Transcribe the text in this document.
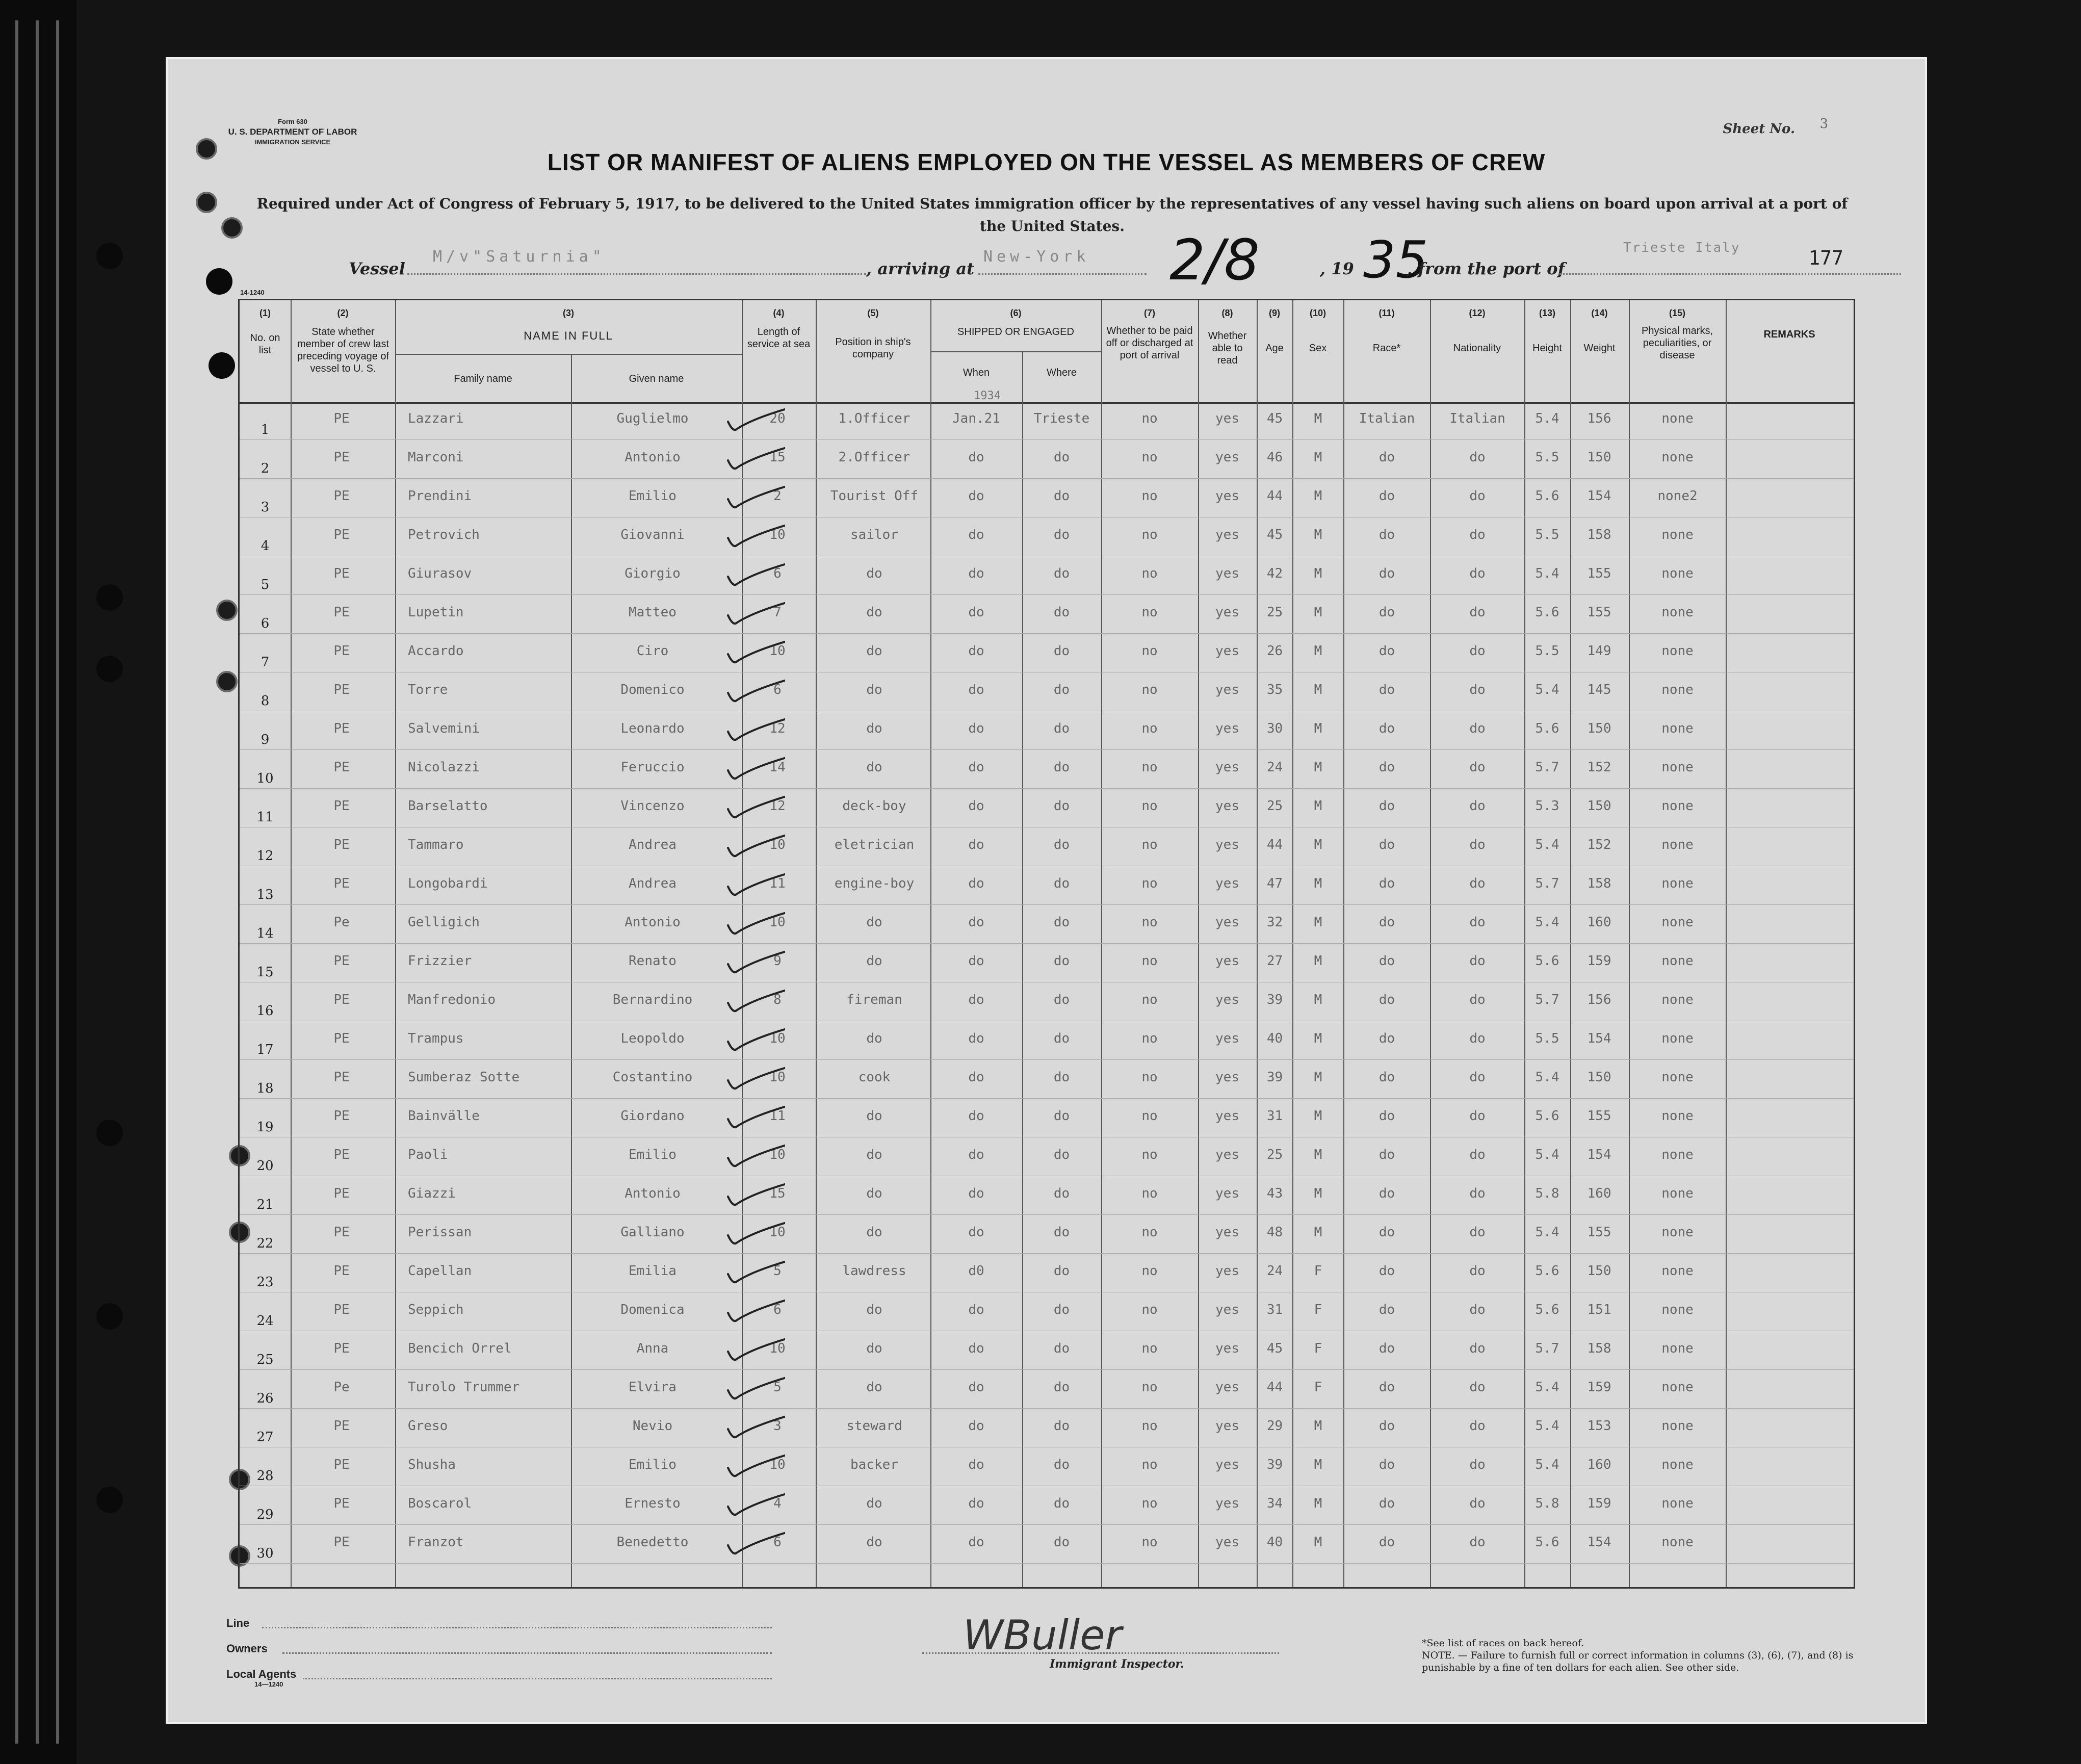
Form 630
U. S. DEPARTMENT OF LABOR
IMMIGRATION SERVICE
Sheet No. 3
LIST OR MANIFEST OF ALIENS EMPLOYED ON THE VESSEL AS MEMBERS OF CREW
Required under Act of Congress of February 5, 1917, to be delivered to the United States immigration officer by the representatives of any vessel having such aliens on board upon arrival at a port of the United States.
Vessel
M/v"Saturnia"
, arriving at
New-York 2/8	, 19 35
, from the port of
Trieste Italy	177
14-1240
(1)
No. on list
(2)
State whether member of crew last preceding voyage of vessel to U. S.
(3)
NAME IN FULL
Family name	Given name
(4)
Length of service at sea
(5)
Position in ship's company
(6)
SHIPPED OR ENGAGED
When	Where
(7)
Whether to be paid off or discharged at port of arrival
(8)
Whether able to read
(9)
Age
(10)
Sex
(11)
Race*
(12)
Nationality
(13)
Height
(14)
Weight
(15)
Physical marks, peculiarities, or disease
REMARKS
1934
1
PE	Lazzari	Guglielmo	20	1.Officer	Jan.21	Trieste	no	yes	45	M	Italian	Italian	5.4	156	none
2
PE	Marconi	Antonio	15	2.Officer	do	do	no	yes	46	M	do	do	5.5	150	none
3
PE	Prendini	Emilio	2	Tourist Off	do	do	no	yes	44	M	do	do	5.6	154	none2
4
PE	Petrovich	Giovanni	10	sailor	do	do	no	yes	45	M	do	do	5.5	158	none
5
PE	Giurasov	Giorgio	6	do	do	do	no	yes	42	M	do	do	5.4	155	none
6
PE	Lupetin	Matteo	7	do	do	do	no	yes	25	M	do	do	5.6	155	none
7
PE	Accardo	Ciro	10	do	do	do	no	yes	26	M	do	do	5.5	149	none
8
PE	Torre	Domenico	6	do	do	do	no	yes	35	M	do	do	5.4	145	none
9
PE	Salvemini	Leonardo	12	do	do	do	no	yes	30	M	do	do	5.6	150	none
10
PE	Nicolazzi	Feruccio	14	do	do	do	no	yes	24	M	do	do	5.7	152	none
11
PE	Barselatto	Vincenzo	12	deck-boy	do	do	no	yes	25	M	do	do	5.3	150	none
12
PE	Tammaro	Andrea	10	eletrician	do	do	no	yes	44	M	do	do	5.4	152	none
13
PE	Longobardi	Andrea	11	engine-boy	do	do	no	yes	47	M	do	do	5.7	158	none
14
Pe	Gelligich	Antonio	10	do	do	do	no	yes	32	M	do	do	5.4	160	none
15
PE	Frizzier	Renato	9	do	do	do	no	yes	27	M	do	do	5.6	159	none
16
PE	Manfredonio	Bernardino	8	fireman	do	do	no	yes	39	M	do	do	5.7	156	none
17
PE	Trampus	Leopoldo	10	do	do	do	no	yes	40	M	do	do	5.5	154	none
18
PE	Sumberaz Sotte	Costantino	10	cook	do	do	no	yes	39	M	do	do	5.4	150	none
19
PE	Bainvälle	Giordano	11	do	do	do	no	yes	31	M	do	do	5.6	155	none
20
PE	Paoli	Emilio	10	do	do	do	no	yes	25	M	do	do	5.4	154	none
21
PE	Giazzi	Antonio	15	do	do	do	no	yes	43	M	do	do	5.8	160	none
22
PE	Perissan	Galliano	10	do	do	do	no	yes	48	M	do	do	5.4	155	none
23
PE	Capellan	Emilia	5	lawdress	d0	do	no	yes	24	F	do	do	5.6	150	none
24
PE	Seppich	Domenica	6	do	do	do	no	yes	31	F	do	do	5.6	151	none
25
PE	Bencich Orrel	Anna	10	do	do	do	no	yes	45	F	do	do	5.7	158	none
26
Pe	Turolo Trummer	Elvira	5	do	do	do	no	yes	44	F	do	do	5.4	159	none
27
PE	Greso	Nevio	3	steward	do	do	no	yes	29	M	do	do	5.4	153	none
28
PE	Shusha	Emilio	10	backer	do	do	no	yes	39	M	do	do	5.4	160	none
29
PE	Boscarol	Ernesto	4	do	do	do	no	yes	34	M	do	do	5.8	159	none
30
PE	Franzot	Benedetto	6	do	do	do	no	yes	40	M	do	do	5.6	154	none
Line
Owners
Local Agents
14—1240
WBuller
Immigrant Inspector.
*See list of races on back hereof.
NOTE. — Failure to furnish full or correct information in columns (3), (6), (7), and (8) is punishable by a fine of ten dollars for each alien. See other side.
